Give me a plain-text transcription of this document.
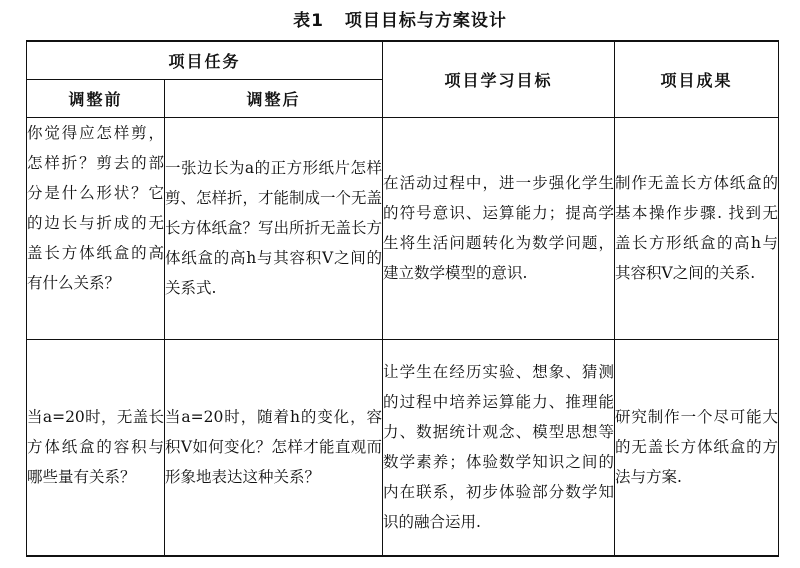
表1 项目目标与方案设计
项目任务		项目学习目标	项目成果
调整前	调整后		
你觉得应怎样剪，怎样折？剪去的部分是什么形状？它的边长与折成的无盖长方体纸盒的高有什么关系？	一张边长为a的正方形纸片怎样剪、怎样折，才能制成一个无盖长方体纸盒？写出所折无盖长方体纸盒的高h与其容积V之间的关系式.	在活动过程中，进一步强化学生的符号意识、运算能力；提高学生将生活问题转化为数学问题，建立数学模型的意识.	制作无盖长方体纸盒的基本操作步骤. 找到无盖长方形纸盒的高h与其容积V之间的关系.
当a=20时，无盖长方体纸盒的容积与哪些量有关系？	当a=20时，随着h的变化，容积V如何变化？怎样才能直观而形象地表达这种关系？	让学生在经历实验、想象、猜测的过程中培养运算能力、推理能力、数据统计观念、模型思想等数学素养；体验数学知识之间的内在联系，初步体验部分数学知识的融合运用.	研究制作一个尽可能大的无盖长方体纸盒的方法与方案.
